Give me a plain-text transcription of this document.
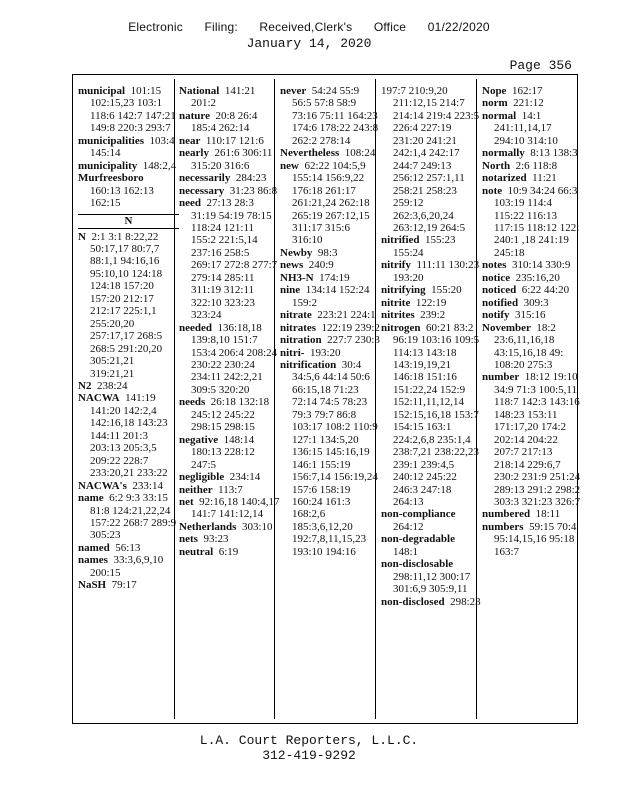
Electronic Filing: Received,Clerk's Office 01/22/2020
January 14, 2020
Page 356
municipal 101:15 102:15,23 103:1 118:6 142:7 147:21 149:8 220:3 293:7
municipalities 103:4 145:14
municipality 148:2,4
Murfreesboro  160:13 162:13 162:15
N
N 2:1 3:1 8:22,22 50:17,17 80:7,7 88:1,1 94:16,16 95:10,10 124:18 124:18 157:20 157:20 212:17 212:17 225:1,1 255:20,20 257:17,17 268:5 268:5 291:20,20 305:21,21 319:21,21
N2 238:24
NACWA 141:19 141:20 142:2,4 142:16,18 143:23 144:11 201:3 203:13 205:3,5 209:22 228:7 233:20,21 233:22
NACWA's 233:14
name 6:2 9:3 33:15 81:8 124:21,22,24 157:22 268:7 289:9 305:23
named 56:13
names 33:3,6,9,10 200:15
NaSH 79:17
National 141:21 201:2
nature 20:8 26:4 185:4 262:14
near 110:17 121:6
nearly 261:6 306:11 315:20 316:6
necessarily 284:23
necessary 31:23 86:8
need 27:13 28:3 31:19 54:19 78:15 118:24 121:11 155:2 221:5,14 237:16 258:5 269:17 272:8 277:7 279:14 285:11 311:19 312:11 322:10 323:23 323:24
needed 136:18,18 139:8,10 151:7 153:4 206:4 208:24 230:22 230:24 234:11 242:2,21 309:5 320:20
needs 26:18 132:18 245:12 245:22 298:15 298:15
negative 148:14 180:13 228:12 247:5
negligible 234:14
neither 113:7
net 92:16,18 140:4,17 141:7 141:12,14
Netherlands 303:10
nets 93:23
neutral 6:19
never 54:24 55:9 56:5 57:8 58:9 73:16 75:11 164:23 174:6 178:22 243:8 262:2 278:14
Nevertheless 108:24
new 62:22 104:5,9 155:14 156:9,22 176:18 261:17 261:21,24 262:18 265:19 267:12,15 311:17 315:6 316:10
Newby 98:3
news 240:9
NH3-N 174:19
nine 134:14 152:24 159:2
nitrate 223:21 224:1
nitrates 122:19 239:2
nitration 227:7 230:3
nitri- 193:20
nitrification 30:4 34:5,6 44:14 50:6 66:15,18 71:23 72:14 74:5 78:23 79:3 79:7 86:8 103:17 108:2 110:9 127:1 134:5,20 136:15 145:16,19 146:1 155:19 156:7,14 156:19,24 157:6 158:19 160:24 161:3 168:2,6 185:3,6,12,20 192:7,8,11,15,23 193:10 194:16
197:7 210:9,20 211:12,15 214:7 214:14 219:4 223:5 226:4 227:19 231:20 241:21 242:1,4 242:17 244:7 249:13 256:12 257:1,11 258:21 258:23 259:12 262:3,6,20,24 263:12,19 264:5
nitrified 155:23 155:24
nitrify 111:11 130:23 193:20
nitrifying 155:20
nitrite 122:19
nitrites 239:2
nitrogen 60:21 83:2 96:19 103:16 109:5 114:13 143:18 143:19,19,21 146:18 151:16 151:22,24 152:9 152:11,11,12,14 152:15,16,18 153:7 154:15 163:1 224:2,6,8 235:1,4 238:7,21 238:22,23 239:1 239:4,5 240:12 245:22 246:3 247:18 264:13
non-compliance  264:12
non-degradable  148:1
non-disclosable  298:11,12 300:17 301:6,9 305:9,11
non-disclosed 298:23
Nope 162:17
norm 221:12
normal 14:1 241:11,14,17 294:10 314:10
normally 8:13 138:3
North 2:6 118:8
notarized 11:21
note 10:9 34:24 66:3 103:19 114:4 115:22 116:13 117:15 118:12 122: 240:1 ,18 241:19 245:18
notes 310:14 330:9
notice 235:16,20
noticed 6:22 44:20
notified 309:3
notify 315:16
November 18:2 23:6,11,16,18 43:15,16,18 49: 108:20 275:3
number 18:12 19:10 34:9 71:3 100:5,11 118:7 142:3 143:16 148:23 153:11 171:17,20 174:2 202:14 204:22 207:7 217:13 218:14 229:6,7 230:2 231:9 251:24 289:13 291:2 298:2 303:3 321:23 326:7
numbered 18:11
numbers 59:15 70:4 95:14,15,16 95:18 163:7
L.A. Court Reporters, L.L.C.
312-419-9292
